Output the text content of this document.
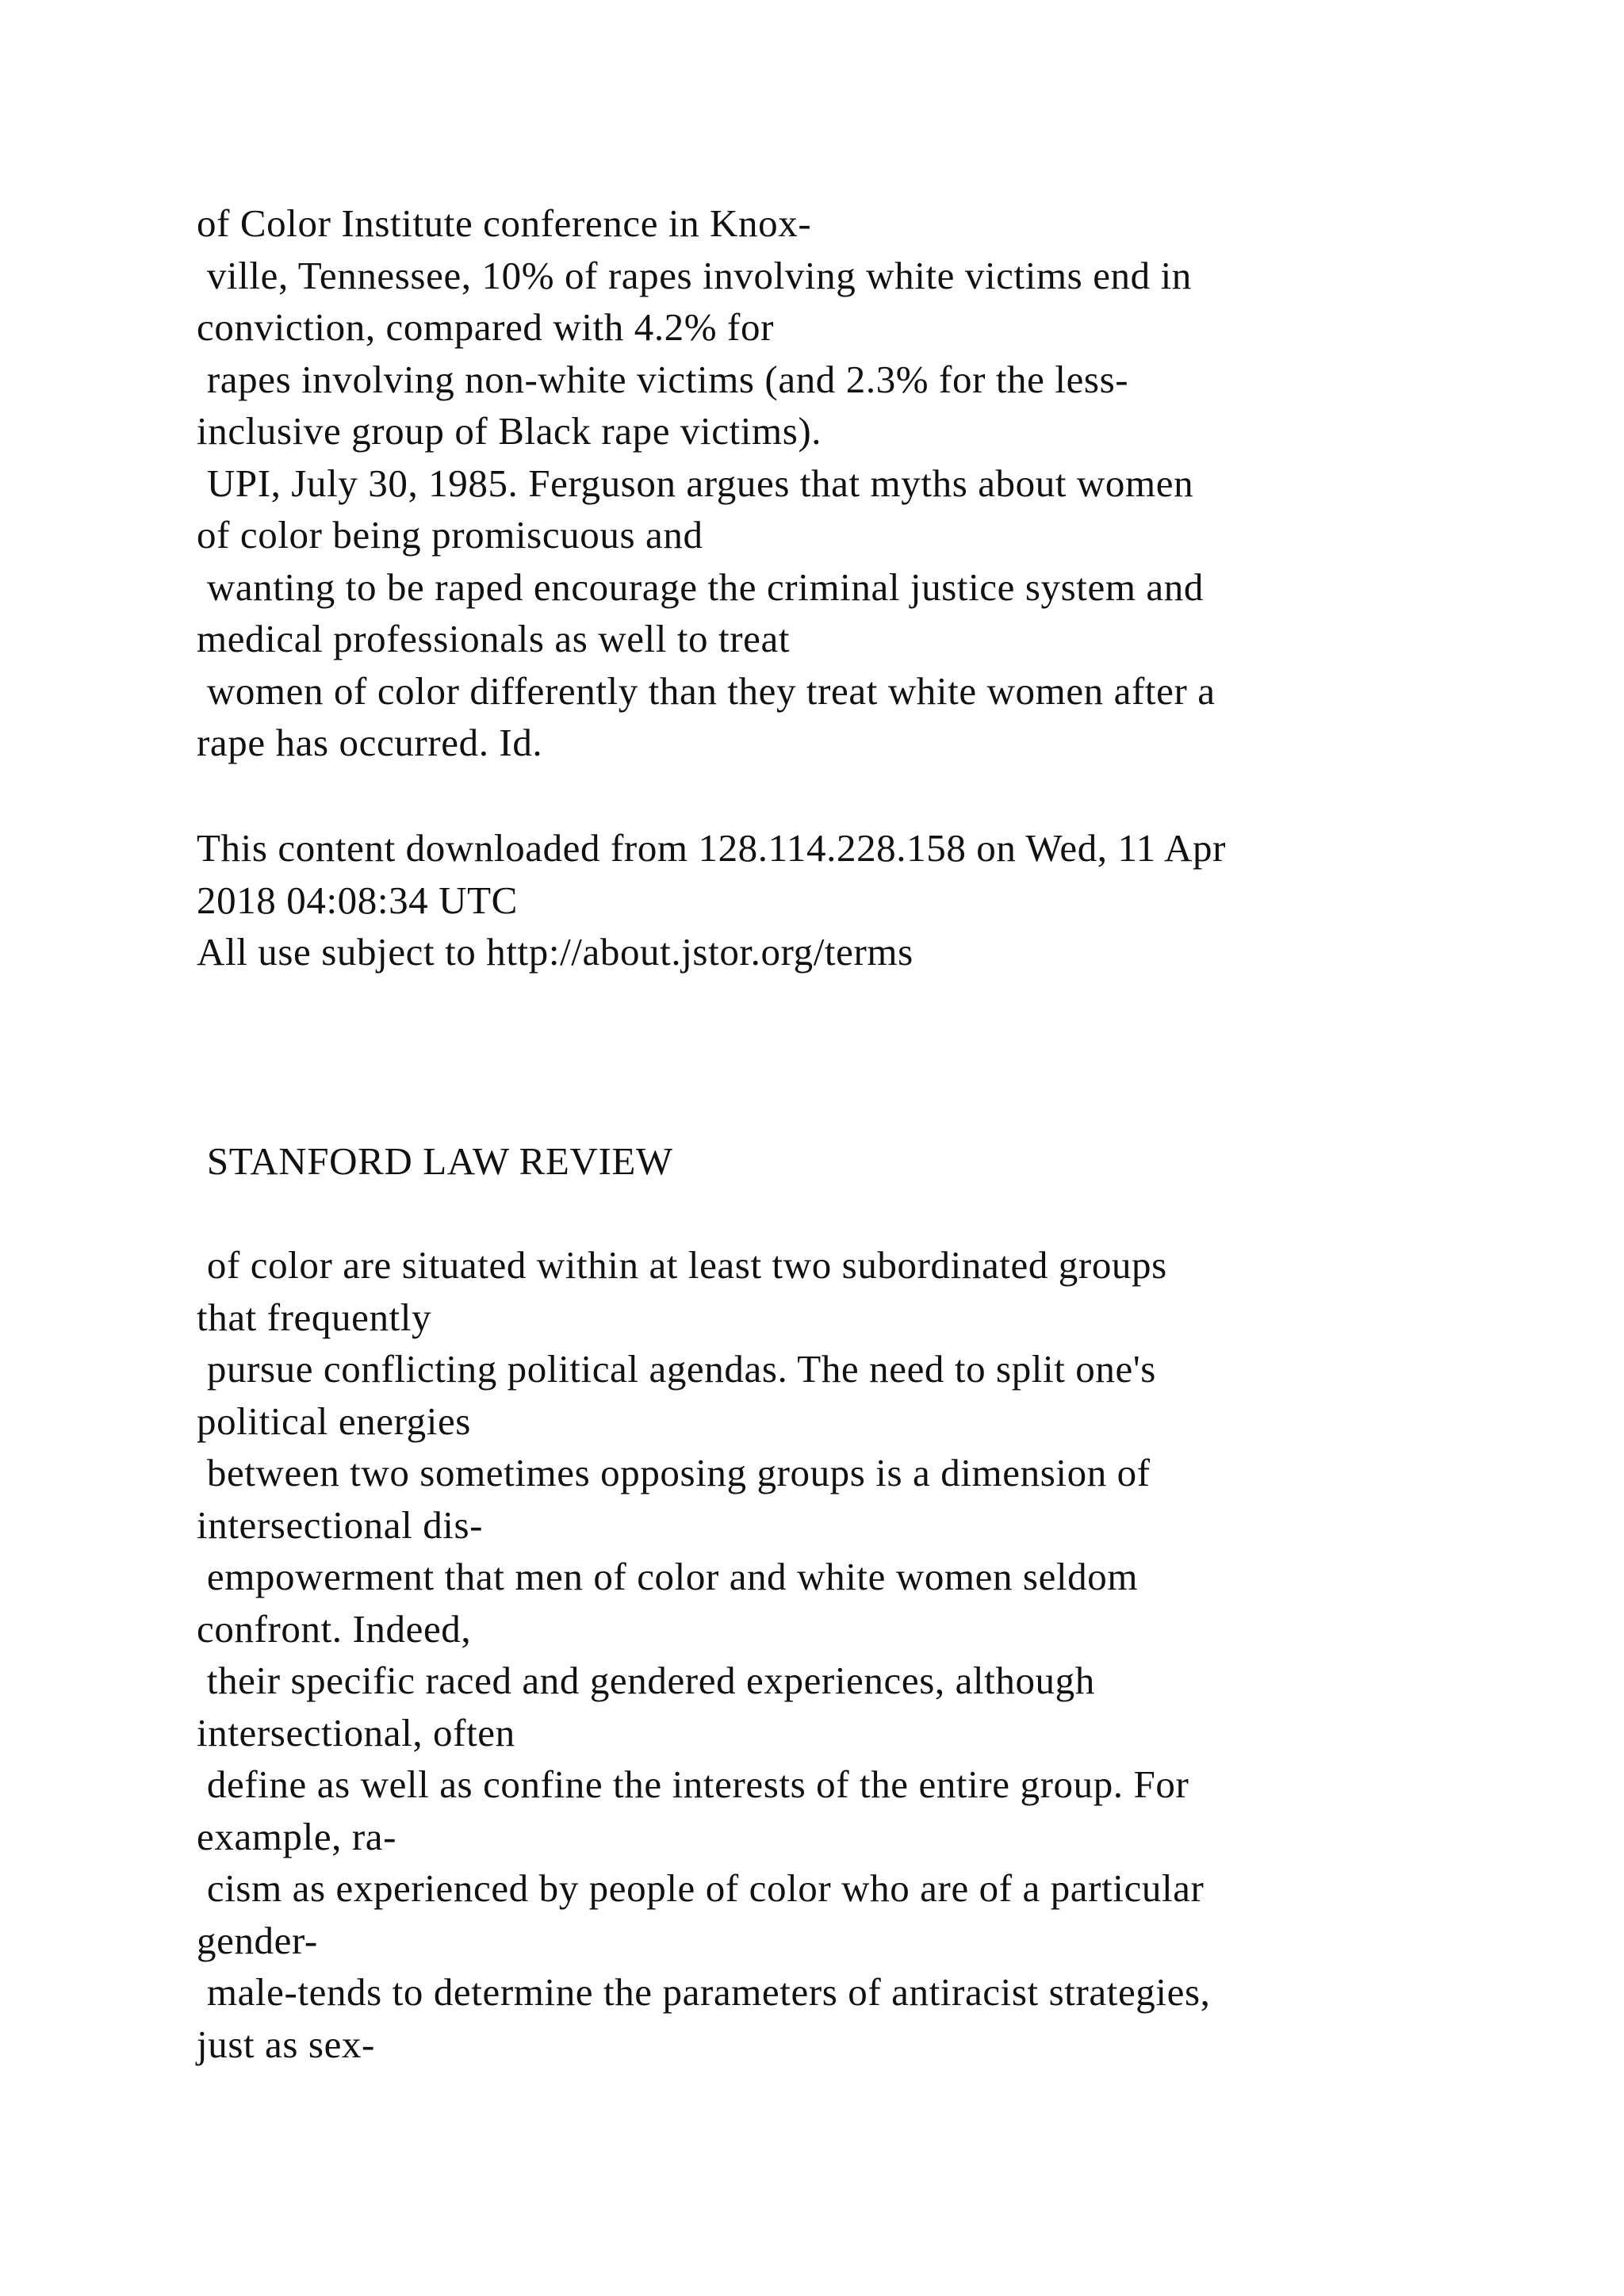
of Color Institute conference in Knox-
ville, Tennessee, 10% of rapes involving white victims end in
conviction, compared with 4.2% for
rapes involving non-white victims (and 2.3% for the less-
inclusive group of Black rape victims).
UPI, July 30, 1985. Ferguson argues that myths about women
of color being promiscuous and
wanting to be raped encourage the criminal justice system and
medical professionals as well to treat
women of color differently than they treat white women after a
rape has occurred. Id.
This content downloaded from 128.114.228.158 on Wed, 11 Apr
2018 04:08:34 UTC
All use subject to http://about.jstor.org/terms
STANFORD LAW REVIEW
of color are situated within at least two subordinated groups
that frequently
pursue conflicting political agendas. The need to split one's
political energies
between two sometimes opposing groups is a dimension of
intersectional dis-
empowerment that men of color and white women seldom
confront. Indeed,
their specific raced and gendered experiences, although
intersectional, often
define as well as confine the interests of the entire group. For
example, ra-
cism as experienced by people of color who are of a particular
gender-
male-tends to determine the parameters of antiracist strategies,
just as sex-
